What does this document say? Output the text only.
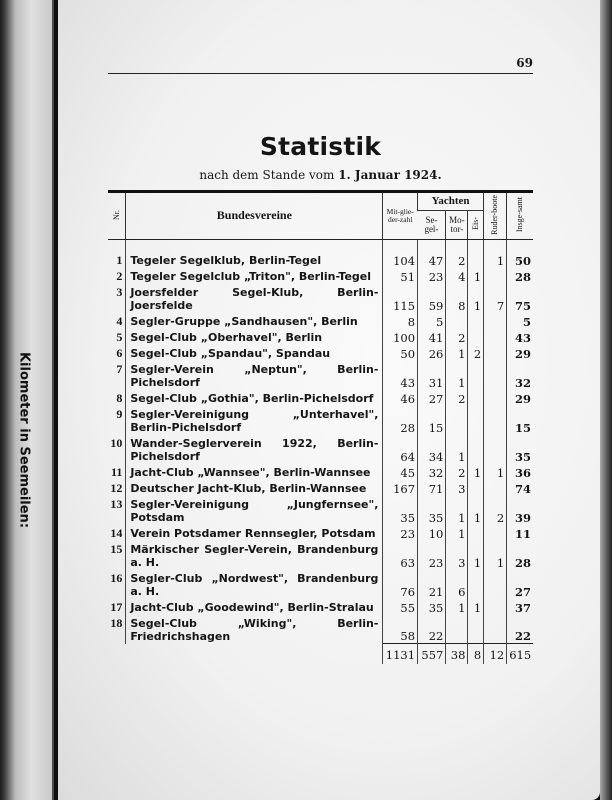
Kilometer in Seemeilen:
69
Statistik
nach dem Stande vom 1. Januar 1924.
Nr.	Bundesvereine	Mit-glie-der-zahl	Yachten			Ruder-boote	Insge-samt
			Se-gel-	Mo-tor-	Eis-		

1	Tegeler Segelklub, Berlin-Tegel	104	47	2		1	50
2	Tegeler Segelclub „Triton", Berlin-Tegel	51	23	4	1		28
3	Joersfelder Segel-Klub, Berlin-Joersfelde	115	59	8	1	7	75
4	Segler-Gruppe „Sandhausen", Berlin	8	5				5
5	Segel-Club „Oberhavel", Berlin	100	41	2			43
6	Segel-Club „Spandau", Spandau	50	26	1	2		29
7	Segler-Verein „Neptun", Berlin-Pichelsdorf	43	31	1			32
8	Segel-Club „Gothia", Berlin-Pichelsdorf	46	27	2			29
9	Segler-Vereinigung „Unterhavel", Berlin-Pichelsdorf	28	15				15
10	Wander-Seglerverein 1922, Berlin-Pichelsdorf	64	34	1			35
11	Jacht-Club „Wannsee", Berlin-Wannsee	45	32	2	1	1	36
12	Deutscher Jacht-Klub, Berlin-Wannsee	167	71	3			74
13	Segler-Vereinigung „Jungfernsee", Potsdam	35	35	1	1	2	39
14	Verein Potsdamer Rennsegler, Potsdam	23	10	1			11
15	Märkischer Segler-Verein, Brandenburg a. H.	63	23	3	1	1	28
16	Segler-Club „Nordwest", Brandenburg a. H.	76	21	6			27
17	Jacht-Club „Goodewind", Berlin-Stralau	55	35	1	1		37
18	Segel-Club „Wiking", Berlin-Friedrichshagen	58	22				22
		1131	557	38	8	12	615
